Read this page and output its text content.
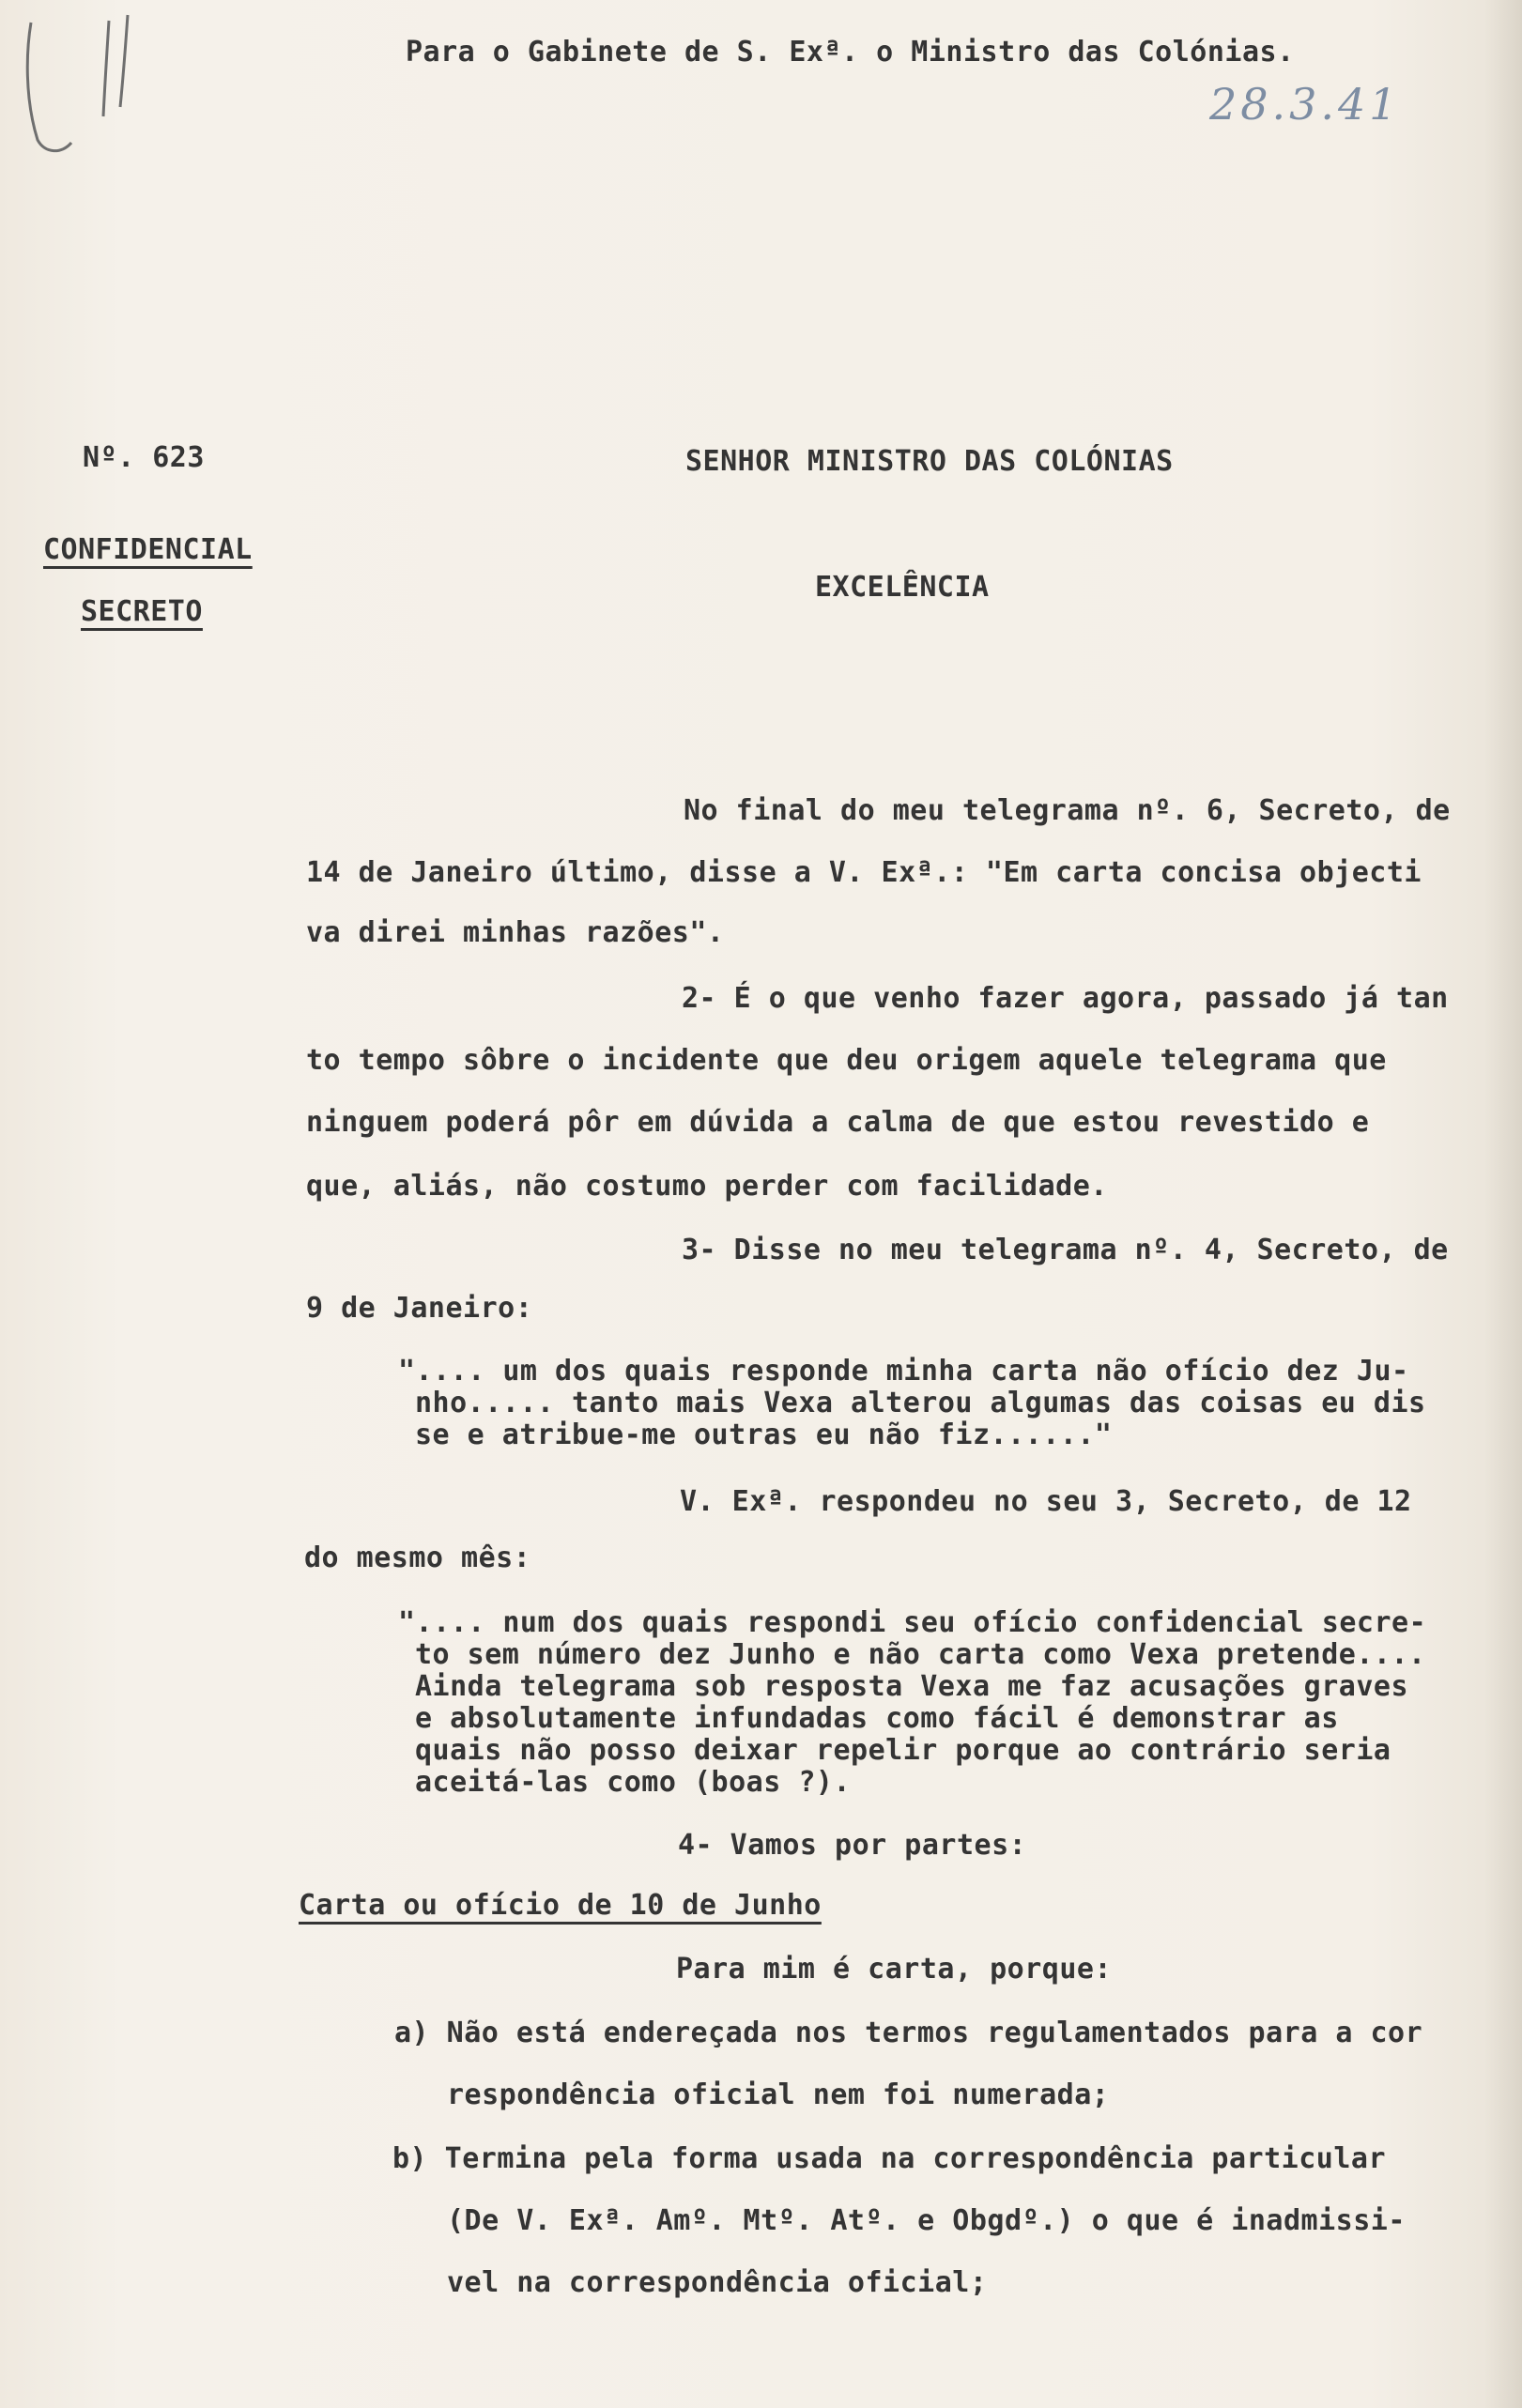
Para o Gabinete de S. Exª. o Ministro das Colónias.
28.3.41
Nº. 623	SENHOR MINISTRO DAS COLÓNIAS
CONFIDENCIAL
EXCELÊNCIA
SECRETO
No final do meu telegrama nº. 6, Secreto, de
14 de Janeiro último, disse a V. Exª.: "Em carta concisa objecti
va direi minhas razões".
2- É o que venho fazer agora, passado já tan
to tempo sôbre o incidente que deu origem aquele telegrama que
ninguem poderá pôr em dúvida a calma de que estou revestido e
que, aliás, não costumo perder com facilidade.
3- Disse no meu telegrama nº. 4, Secreto, de
9 de Janeiro:
".... um dos quais responde minha carta não ofício dez Ju-
nho..... tanto mais Vexa alterou algumas das coisas eu dis
se e atribue-me outras eu não fiz......"
V. Exª. respondeu no seu 3, Secreto, de 12
do mesmo mês:
".... num dos quais respondi seu ofício confidencial secre-
to sem número dez Junho e não carta como Vexa pretende....
Ainda telegrama sob resposta Vexa me faz acusações graves
e absolutamente infundadas como fácil é demonstrar as
quais não posso deixar repelir porque ao contrário seria
aceitá-las como (boas ?).
4- Vamos por partes:
Carta ou ofício de 10 de Junho
Para mim é carta, porque:
a) Não está endereçada nos termos regulamentados para a cor
respondência oficial nem foi numerada;
b) Termina pela forma usada na correspondência particular
(De V. Exª. Amº. Mtº. Atº. e Obgdº.) o que é inadmissi-
vel na correspondência oficial;
